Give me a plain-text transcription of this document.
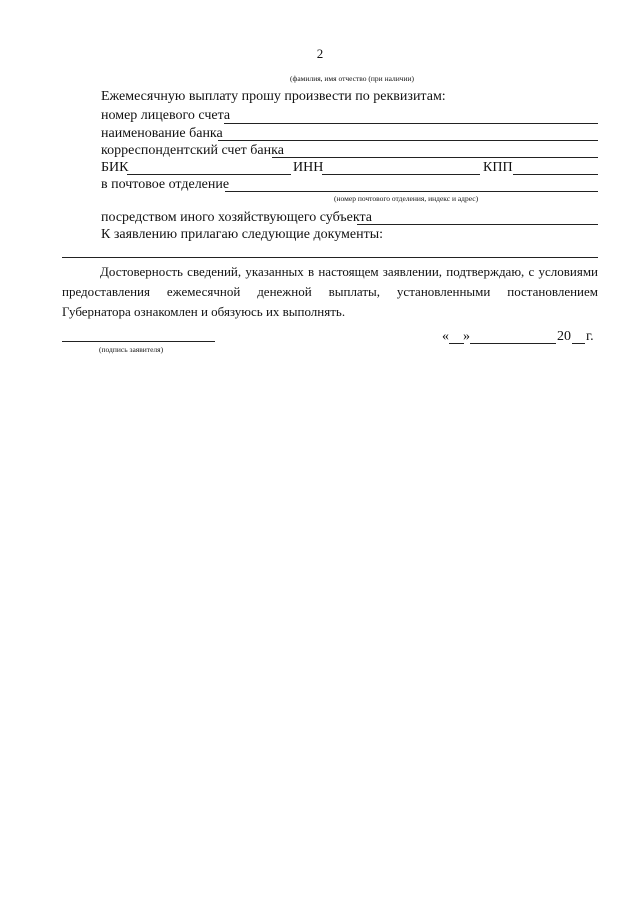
2
(фамилия, имя отчество (при наличии)
Ежемесячную выплату прошу произвести по реквизитам:
номер лицевого счета
наименование банка
корреспондентский счет банка
БИК	ИНН	КПП
в почтовое отделение
(номер почтового отделения, индекс и адрес)
посредством иного хозяйствующего субъекта
К заявлению прилагаю следующие документы:
Достоверность сведений, указанных в настоящем заявлении, подтверждаю, с условиями предоставления ежемесячной денежной выплаты, установленными постановлением Губернатора ознакомлен и обязуюсь их выполнять.
(подпись заявителя)
« »	20 г.
